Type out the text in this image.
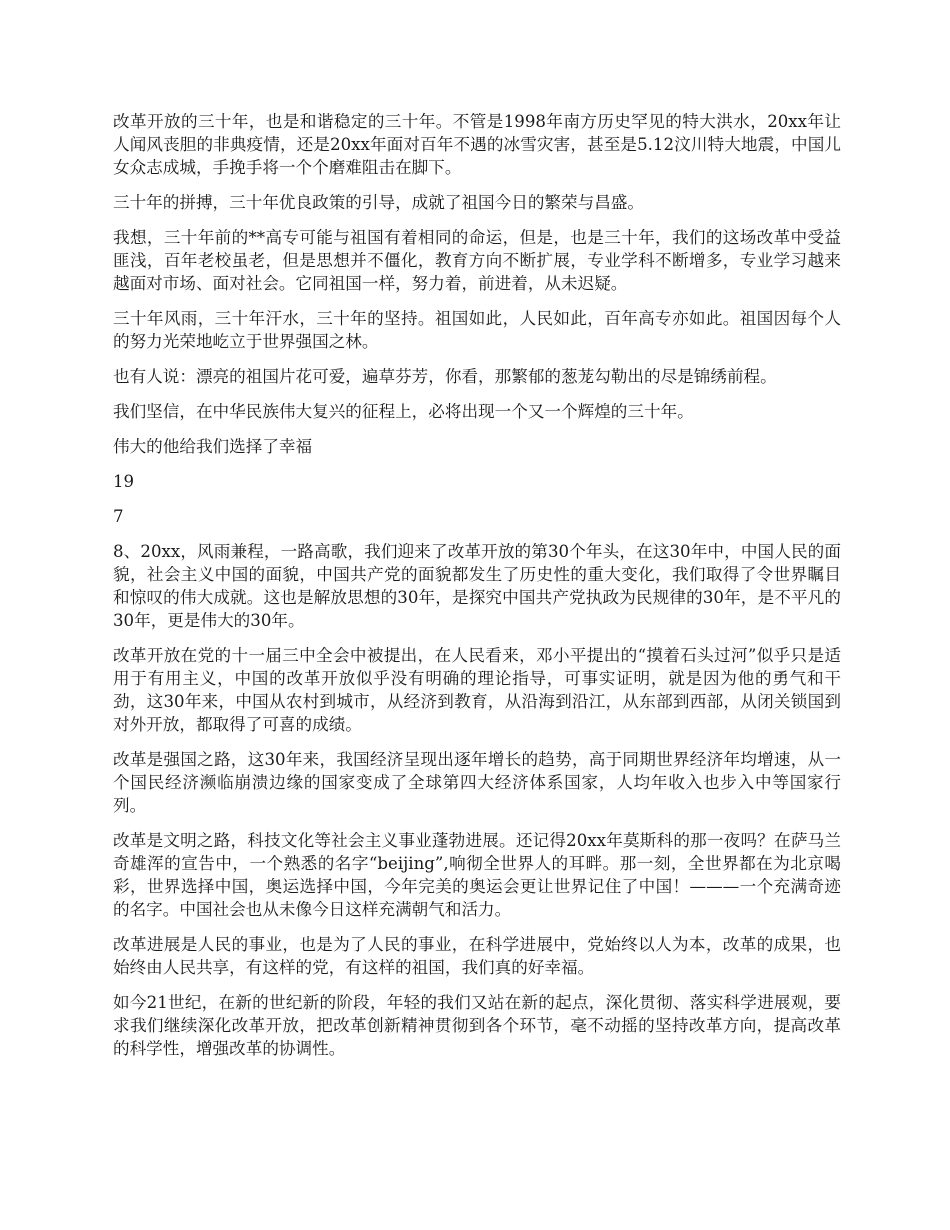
改革开放的三十年，也是和谐稳定的三十年。不管是1998年南方历史罕见的特大洪水，20xx年让人闻风丧胆的非典疫情，还是20xx年面对百年不遇的冰雪灾害，甚至是5.12汶川特大地震，中国儿女众志成城，手挽手将一个个磨难阻击在脚下。

三十年的拼搏，三十年优良政策的引导，成就了祖国今日的繁荣与昌盛。

我想，三十年前的**高专可能与祖国有着相同的命运，但是，也是三十年，我们的这场改革中受益匪浅，百年老校虽老，但是思想并不僵化，教育方向不断扩展，专业学科不断增多，专业学习越来越面对市场、面对社会。它同祖国一样，努力着，前进着，从未迟疑。

三十年风雨，三十年汗水，三十年的坚持。祖国如此，人民如此，百年高专亦如此。祖国因每个人的努力光荣地屹立于世界强国之林。

也有人说：漂亮的祖国片花可爱，遍草芬芳，你看，那繁郁的葱茏勾勒出的尽是锦绣前程。

我们坚信，在中华民族伟大复兴的征程上，必将出现一个又一个辉煌的三十年。

伟大的他给我们选择了幸福

19

7

8、20xx，风雨兼程，一路高歌，我们迎来了改革开放的第30个年头，在这30年中，中国人民的面貌，社会主义中国的面貌，中国共产党的面貌都发生了历史性的重大变化，我们取得了令世界瞩目和惊叹的伟大成就。这也是解放思想的30年，是探究中国共产党执政为民规律的30年，是不平凡的30年，更是伟大的30年。

改革开放在党的十一届三中全会中被提出，在人民看来，邓小平提出的“摸着石头过河”似乎只是适用于有用主义，中国的改革开放似乎没有明确的理论指导，可事实证明，就是因为他的勇气和干劲，这30年来，中国从农村到城市，从经济到教育，从沿海到沿江，从东部到西部，从闭关锁国到对外开放，都取得了可喜的成绩。

改革是强国之路，这30年来，我国经济呈现出逐年增长的趋势，高于同期世界经济年均增速，从一个国民经济濒临崩溃边缘的国家变成了全球第四大经济体系国家，人均年收入也步入中等国家行列。

改革是文明之路，科技文化等社会主义事业蓬勃进展。还记得20xx年莫斯科的那一夜吗？在萨马兰奇雄浑的宣告中，一个熟悉的名字“beijing”,响彻全世界人的耳畔。那一刻，全世界都在为北京喝彩，世界选择中国，奥运选择中国，今年完美的奥运会更让世界记住了中国！———一个充满奇迹的名字。中国社会也从未像今日这样充满朝气和活力。

改革进展是人民的事业，也是为了人民的事业，在科学进展中，党始终以人为本，改革的成果，也始终由人民共享，有这样的党，有这样的祖国，我们真的好幸福。

如今21世纪，在新的世纪新的阶段，年轻的我们又站在新的起点，深化贯彻、落实科学进展观，要求我们继续深化改革开放，把改革创新精神贯彻到各个环节，毫不动摇的坚持改革方向，提高改革的科学性，增强改革的协调性。
